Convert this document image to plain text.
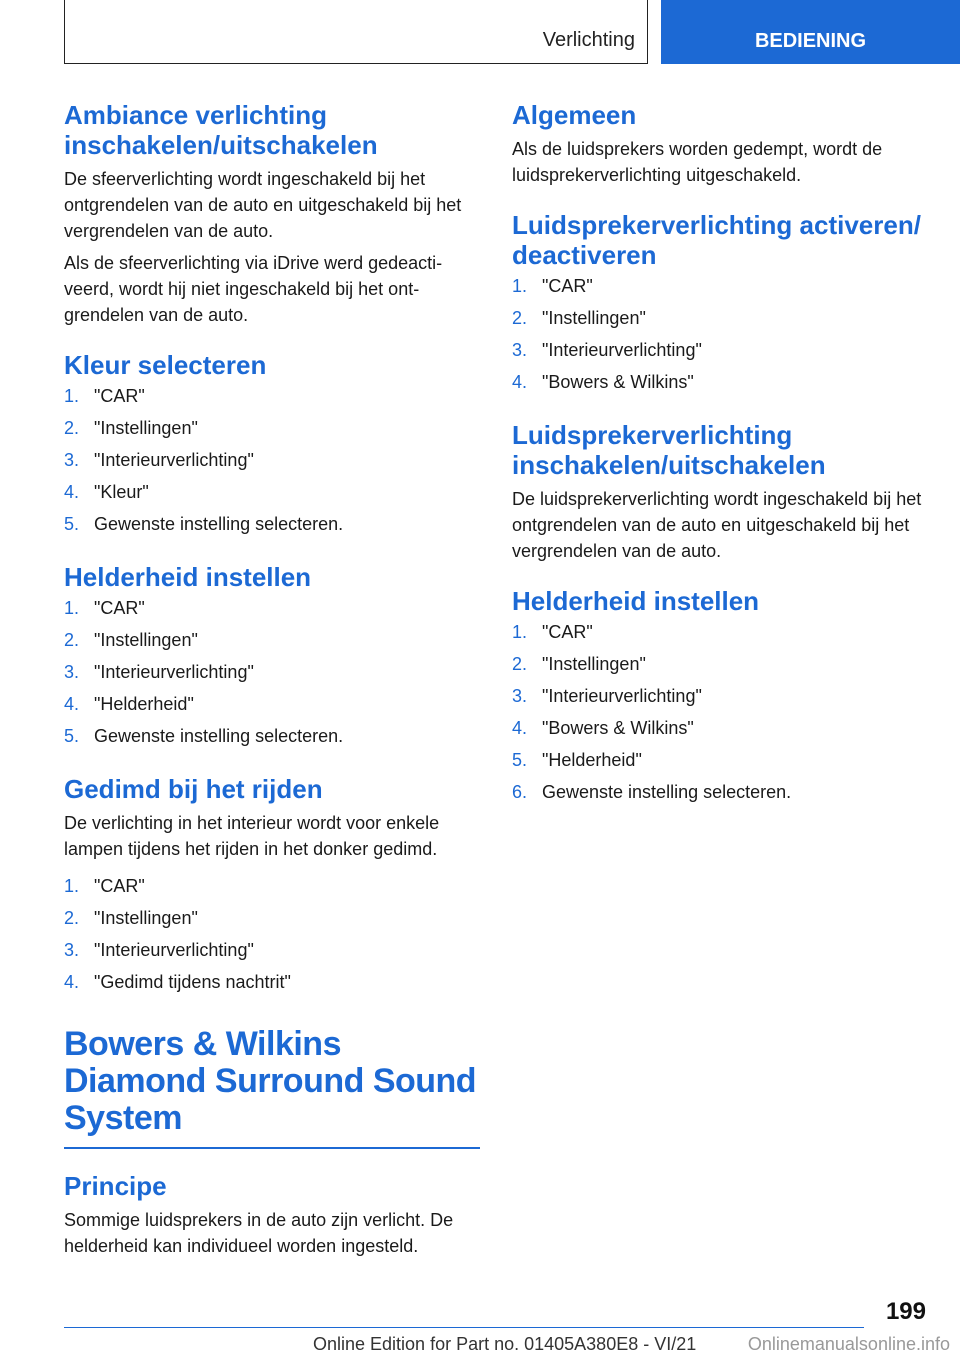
Verlichting	BEDIENING
Ambiance verlichting inschakelen/uitschakelen

De sfeerverlichting wordt ingeschakeld bij het ontgrendelen van de auto en uitgeschakeld bij het vergrendelen van de auto.

Als de sfeerverlichting via iDrive werd gedeactiveerd, wordt hij niet ingeschakeld bij het ontgrendelen van de auto.

Kleur selecteren
1. "CAR"
2. "Instellingen"
3. "Interieurverlichting"
4. "Kleur"
5. Gewenste instelling selecteren.
Helderheid instellen
1. "CAR"
2. "Instellingen"
3. "Interieurverlichting"
4. "Helderheid"
5. Gewenste instelling selecteren.
Gedimd bij het rijden

De verlichting in het interieur wordt voor enkele lampen tijdens het rijden in het donker gedimd.

1. "CAR"
2. "Instellingen"
3. "Interieurverlichting"
4. "Gedimd tijdens nachtrit"
Bowers & Wilkins Diamond Surround Sound System
Principe

Sommige luidsprekers in de auto zijn verlicht. De helderheid kan individueel worden ingesteld.

Algemeen

Als de luidsprekers worden gedempt, wordt de luidsprekerverlichting uitgeschakeld.

Luidsprekerverlichting activeren/ deactiveren
1. "CAR"
2. "Instellingen"
3. "Interieurverlichting"
4. "Bowers & Wilkins"
Luidsprekerverlichting inschakelen/uitschakelen

De luidsprekerverlichting wordt ingeschakeld bij het ontgrendelen van de auto en uitgeschakeld bij het vergrendelen van de auto.

Helderheid instellen
1. "CAR"
2. "Instellingen"
3. "Interieurverlichting"
4. "Bowers & Wilkins"
5. "Helderheid"
6. Gewenste instelling selecteren.
199
Online Edition for Part no. 01405A380E8 - VI/21	Onlinemanualsonline.info
